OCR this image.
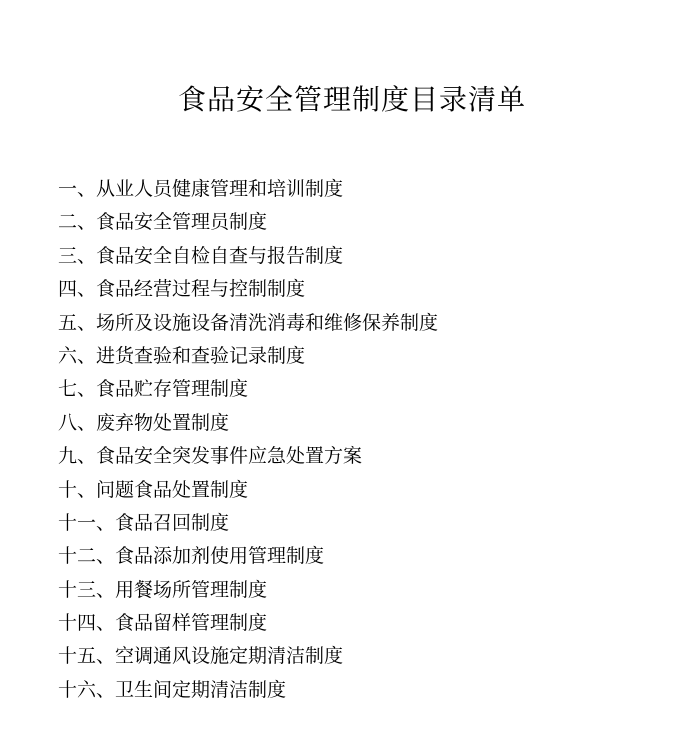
食品安全管理制度目录清单
一、从业人员健康管理和培训制度
二、食品安全管理员制度
三、食品安全自检自查与报告制度
四、食品经营过程与控制制度
五、场所及设施设备清洗消毒和维修保养制度
六、进货查验和查验记录制度
七、食品贮存管理制度
八、废弃物处置制度
九、食品安全突发事件应急处置方案
十、问题食品处置制度
十一、食品召回制度
十二、食品添加剂使用管理制度
十三、用餐场所管理制度
十四、食品留样管理制度
十五、空调通风设施定期清洁制度
十六、卫生间定期清洁制度
